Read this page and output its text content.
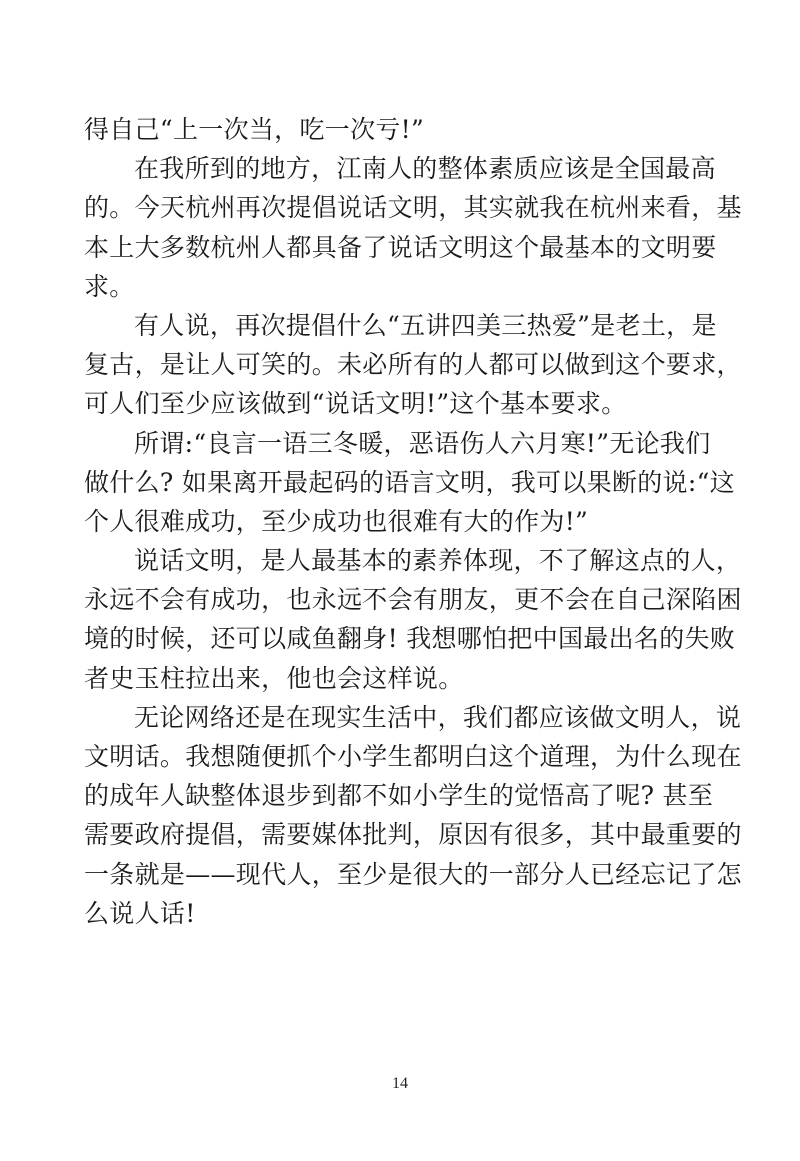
得自己“上一次当，吃一次亏!”
在我所到的地方，江南人的整体素质应该是全国最高
的。今天杭州再次提倡说话文明，其实就我在杭州来看，基
本上大多数杭州人都具备了说话文明这个最基本的文明要
求。
有人说，再次提倡什么“五讲四美三热爱”是老土，是
复古，是让人可笑的。未必所有的人都可以做到这个要求，
可人们至少应该做到“说话文明!”这个基本要求。
所谓:“良言一语三冬暖，恶语伤人六月寒!”无论我们
做什么? 如果离开最起码的语言文明，我可以果断的说:“这
个人很难成功，至少成功也很难有大的作为!”
说话文明，是人最基本的素养体现，不了解这点的人，
永远不会有成功，也永远不会有朋友，更不会在自己深陷困
境的时候，还可以咸鱼翻身! 我想哪怕把中国最出名的失败
者史玉柱拉出来，他也会这样说。
无论网络还是在现实生活中，我们都应该做文明人，说
文明话。我想随便抓个小学生都明白这个道理，为什么现在
的成年人缺整体退步到都不如小学生的觉悟高了呢? 甚至
需要政府提倡，需要媒体批判，原因有很多，其中最重要的
一条就是——现代人，至少是很大的一部分人已经忘记了怎
么说人话!
14
